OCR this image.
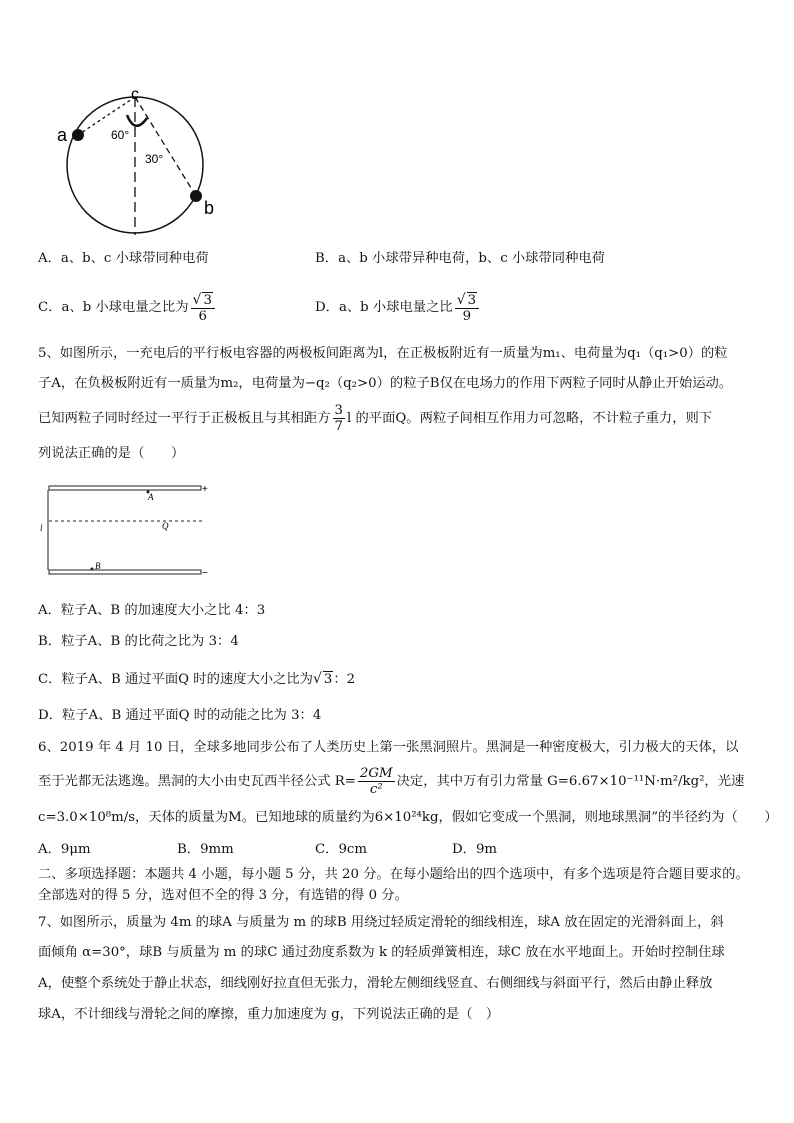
c
a
b
60°
30°
A．a、b、c 小球带同种电荷	B．a、b 小球带异种电荷，b、c 小球带同种电荷
C．a、b 小球电量之比为 $\frac{√ 3}{6}$	D．a、b 小球电量之比 $\frac{√ 3}{9}$
5、如图所示，一充电后的平行板电容器的两极板间距离为l，在正极板附近有一质量为m₁、电荷量为q₁（q₁>0）的粒
子A，在负极板附近有一质量为m₂，电荷量为−q₂（q₂>0）的粒子B仅在电场力的作用下两粒子同时从静止开始运动。
已知两粒子同时经过一平行于正极板且与其相距方 $\frac{3}{7}$ l 的平面Q。两粒子间相互作用力可忽略，不计粒子重力，则下
列说法正确的是（　　）
A
B
Q
l
+
−
A．粒子A、B 的加速度大小之比 4：3
B．粒子A、B 的比荷之比为 3：4
C．粒子A、B 通过平面Q 时的速度大小之比为√ 3：2
D．粒子A、B 通过平面Q 时的动能之比为 3：4
6、2019 年 4 月 10 日，全球多地同步公布了人类历史上第一张黑洞照片。黑洞是一种密度极大，引力极大的天体，以
至于光都无法逃逸。黑洞的大小由史瓦西半径公式 $R= \frac{2GM}{\text{c²}}$ 决定，其中万有引力常量 G=6.67×10⁻¹¹N·m²/kg²，光速
c=3.0×10⁸m/s，天体的质量为M。已知地球的质量约为6×10²⁴kg，假如它变成一个黑洞，则地球黑洞”的半径约为（　　）
A．9μm	B．9mm	C．9cm	D．9m
二、多项选择题：本题共 4 小题，每小题 5 分，共 20 分。在每小题给出的四个选项中，有多个选项是符合题目要求的。
全部选对的得 5 分，选对但不全的得 3 分，有选错的得 0 分。
7、如图所示，质量为 4m 的球A 与质量为 m 的球B 用绕过轻质定滑轮的细线相连，球A 放在固定的光滑斜面上，斜
面倾角 α=30°，球B 与质量为 m 的球C 通过劲度系数为 k 的轻质弹簧相连，球C 放在水平地面上。开始时控制住球
A，使整个系统处于静止状态，细线刚好拉直但无张力，滑轮左侧细线竖直、右侧细线与斜面平行，然后由静止释放
球A，不计细线与滑轮之间的摩擦，重力加速度为 g，下列说法正确的是（　）
